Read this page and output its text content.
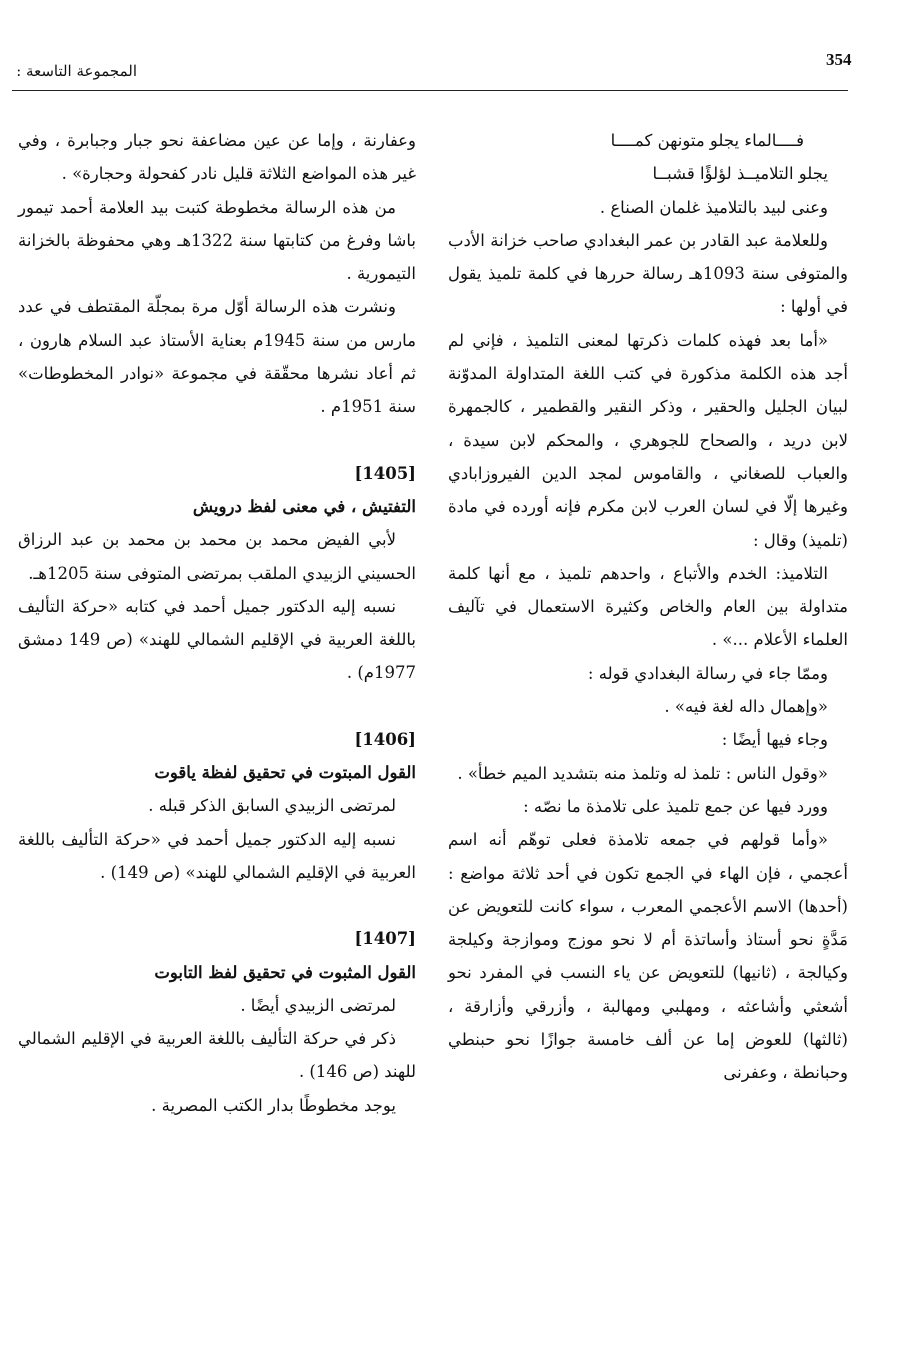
354
المجموعة التاسعة :

فــــالماء يجلو متونهن كمــــا

يجلو التلاميــذ لؤلؤًا قشبــا

وعنى لبيد بالتلاميذ غلمان الصناع .

وللعلامة عبد القادر بن عمر البغدادي صاحب خزانة الأدب والمتوفى سنة 1093هـ رسالة حررها في كلمة تلميذ يقول في أولها :

«أما بعد فهذه كلمات ذكرتها لمعنى التلميذ ، فإني لم أجد هذه الكلمة مذكورة في كتب اللغة المتداولة المدوّنة لبيان الجليل والحقير ، وذكر النقير والقطمير ، كالجمهرة لابن دريد ، والصحاح للجوهري ، والمحكم لابن سيدة ، والعباب للصغاني ، والقاموس لمجد الدين الفيروزابادي وغيرها إلّا في لسان العرب لابن مكرم فإنه أورده في مادة (تلميذ) وقال :

التلاميذ: الخدم والأتباع ، واحدهم تلميذ ، مع أنها كلمة متداولة بين العام والخاص وكثيرة الاستعمال في تآليف العلماء الأعلام ...» .

وممّا جاء في رسالة البغدادي قوله :

«وإهمال داله لغة فيه» .

وجاء فيها أيضًا :

«وقول الناس : تلمذ له وتلمذ منه بتشديد الميم خطأ» .

وورد فيها عن جمع تلميذ على تلامذة ما نصّه :

«وأما قولهم في جمعه تلامذة فعلى توهّم أنه اسم أعجمي ، فإن الهاء في الجمع تكون في أحد ثلاثة مواضع : (أحدها) الاسم الأعجمي المعرب ، سواء كانت للتعويض عن مَدَّةٍ نحو أستاذ وأساتذة أم لا نحو موزج وموازجة وكيلجة وكيالجة ، (ثانيها) للتعويض عن ياء النسب في المفرد نحو أشعثي وأشاعثه ، ومهلبي ومهالبة ، وأزرقي وأزارقة ، (ثالثها) للعوض إما عن ألف خامسة جوازًا نحو حبنطي وحبانطة ، وعفرنى

وعفارنة ، وإما عن عين مضاعفة نحو جبار وجبابرة ، وفي غير هذه المواضع الثلاثة قليل نادر كفحولة وحجارة» .

من هذه الرسالة مخطوطة كتبت بيد العلامة أحمد تيمور باشا وفرغ من كتابتها سنة 1322هـ وهي محفوظة بالخزانة التيمورية .

ونشرت هذه الرسالة أوّل مرة بمجلّة المقتطف في عدد مارس من سنة 1945م بعناية الأستاذ عبد السلام هارون ، ثم أعاد نشرها محقّقة في مجموعة «نوادر المخطوطات» سنة 1951م .

[1405]

التفتيش ، في معنى لفظ درويش

لأبي الفيض محمد بن محمد بن محمد بن عبد الرزاق الحسيني الزبيدي الملقب بمرتضى المتوفى سنة 1205هـ.

نسبه إليه الدكتور جميل أحمد في كتابه «حركة التأليف باللغة العربية في الإقليم الشمالي للهند» (ص 149 دمشق 1977م) .

[1406]

القول المبتوت في تحقيق لفظة ياقوت

لمرتضى الزبيدي السابق الذكر قبله .

نسبه إليه الدكتور جميل أحمد في «حركة التأليف باللغة العربية في الإقليم الشمالي للهند» (ص 149) .

[1407]

القول المثبوت في تحقيق لفظ التابوت

لمرتضى الزبيدي أيضًا .

ذكر في حركة التأليف باللغة العربية في الإقليم الشمالي للهند (ص 146) .

يوجد مخطوطًا بدار الكتب المصرية .
